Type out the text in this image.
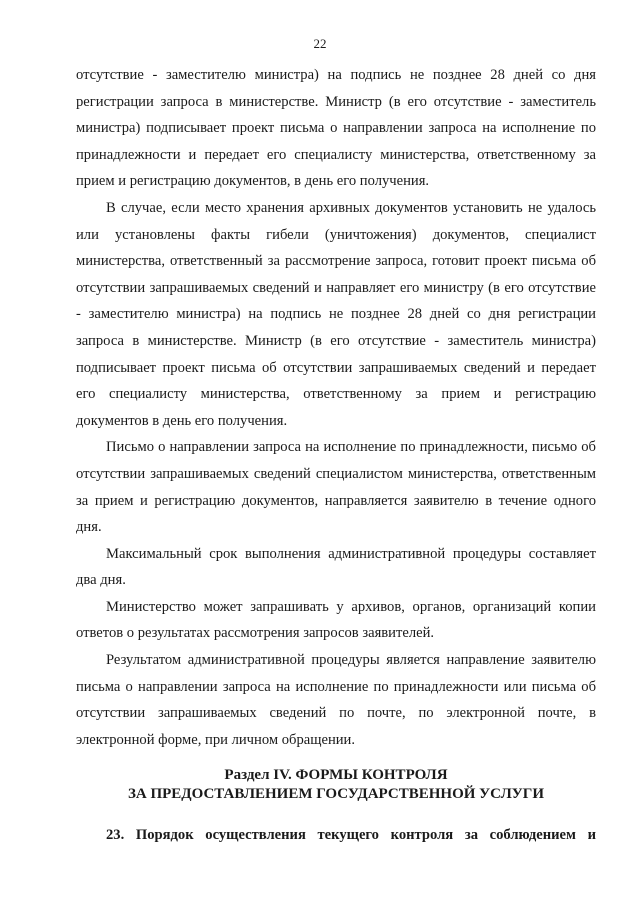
22

отсутствие - заместителю министра) на подпись не позднее 28 дней со дня регистрации запроса в министерстве. Министр (в его отсутствие - заместитель министра) подписывает проект письма о направлении запроса на исполнение по принадлежности и передает его специалисту министерства, ответственному за прием и регистрацию документов, в день его получения.

В случае, если место хранения архивных документов установить не удалось или установлены факты гибели (уничтожения) документов, специалист министерства, ответственный за рассмотрение запроса, готовит проект письма об отсутствии запрашиваемых сведений и направляет его министру (в его отсутствие - заместителю министра) на подпись не позднее 28 дней со дня регистрации запроса в министерстве. Министр (в его отсутствие - заместитель министра) подписывает проект письма об отсутствии запрашиваемых сведений и передает его специалисту министерства, ответственному за прием и регистрацию документов в день его получения.

Письмо о направлении запроса на исполнение по принадлежности, письмо об отсутствии запрашиваемых сведений специалистом министерства, ответственным за прием и регистрацию документов, направляется заявителю в течение одного дня.

Максимальный срок выполнения административной процедуры составляет два дня.

Министерство может запрашивать у архивов, органов, организаций копии ответов о результатах рассмотрения запросов заявителей.

Результатом административной процедуры является направление заявителю письма о направлении запроса на исполнение по принадлежности или письма об отсутствии запрашиваемых сведений по почте, по электронной почте, в электронной форме, при личном обращении.

Раздел IV. ФОРМЫ КОНТРОЛЯ
ЗА ПРЕДОСТАВЛЕНИЕМ ГОСУДАРСТВЕННОЙ УСЛУГИ
23. Порядок осуществления текущего контроля за соблюдением и
